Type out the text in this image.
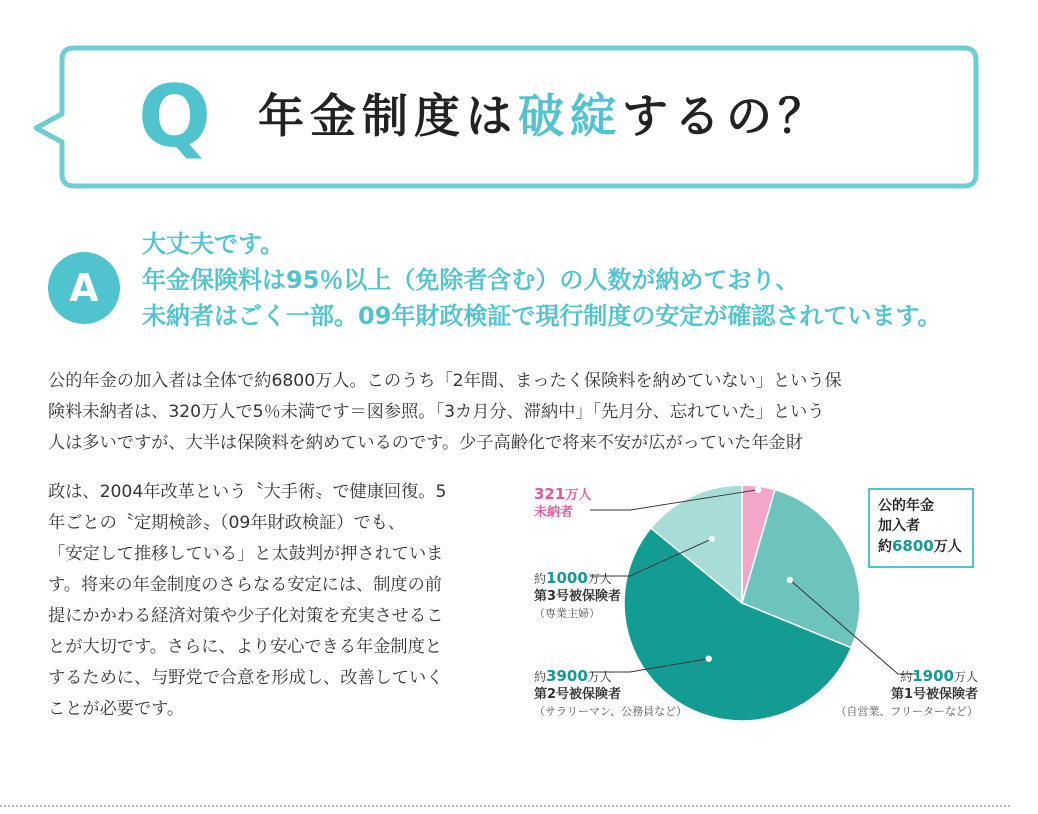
Q 年金制度は破綻するの？
A
大丈夫です。
年金保険料は95％以上（免除者含む）の人数が納めており、
未納者はごく一部。09年財政検証で現行制度の安定が確認されています。
公的年金の加入者は全体で約6800万人。このうち「2年間、まったく保険料を納めていない」という保
険料未納者は、320万人で5％未満です＝図参照。「3カ月分、滞納中」「先月分、忘れていた」という
人は多いですが、大半は保険料を納めているのです。少子高齢化で将来不安が広がっていた年金財
政は、2004年改革という〝大手術〟で健康回復。5
年ごとの〝定期検診〟（09年財政検証）でも、
「安定して推移している」と太鼓判が押されていま
す。将来の年金制度のさらなる安定には、制度の前
提にかかわる経済対策や少子化対策を充実させるこ
とが大切です。さらに、より安心できる年金制度と
するために、与野党で合意を形成し、改善していく
ことが必要です。
公的年金
加入者
約6800万人
321万人
未納者
約1000万人
第3号被保険者
（専業主婦）
約3900万人
第2号被保険者
（サラリーマン、公務員など）
約1900万人
第1号被保険者
（自営業、フリーターなど）
